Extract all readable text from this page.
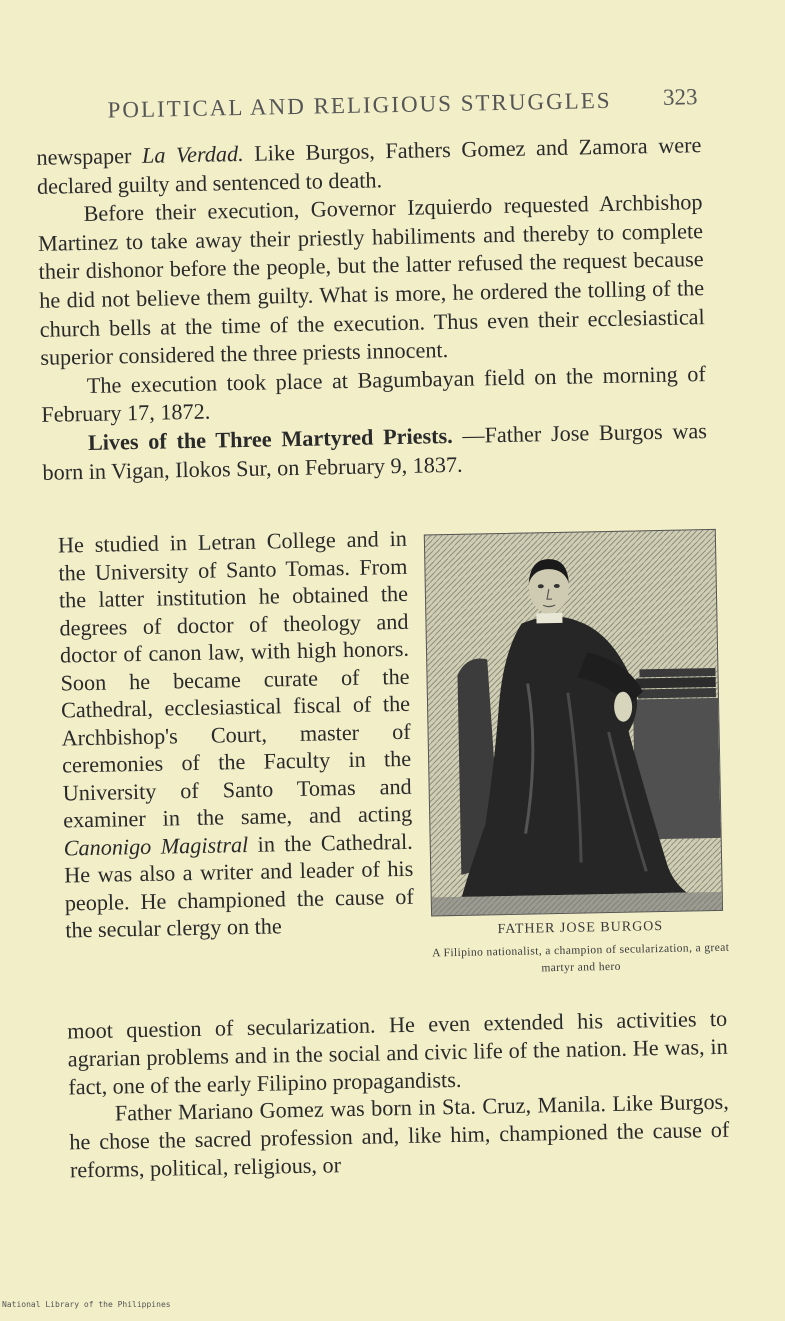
POLITICAL AND RELIGIOUS STRUGGLES 323

newspaper La Verdad. Like Burgos, Fathers Gomez and Zamora were declared guilty and sentenced to death.

Before their execution, Governor Izquierdo requested Archbishop Martinez to take away their priestly habiliments and thereby to complete their dishonor before the people, but the latter refused the request because he did not believe them guilty. What is more, he ordered the tolling of the church bells at the time of the execution. Thus even their ecclesiastical superior considered the three priests innocent.

The execution took place at Bagumbayan field on the morning of February 17, 1872.

Lives of the Three Martyred Priests. —Father Jose Burgos was born in Vigan, Ilokos Sur, on February 9, 1837.

He studied in Letran College and in the University of Santo Tomas. From the latter institution he obtained the degrees of doctor of theology and doctor of canon law, with high honors. Soon he became curate of the Cathedral, ecclesiastical fiscal of the Archbishop's Court, master of ceremonies of the Faculty in the University of Santo Tomas and examiner in the same, and acting Canonigo Magistral in the Cathedral. He was also a writer and leader of his people. He championed the cause of the secular clergy on the	FATHER JOSE BURGOS
A Filipino nationalist, a champion of secularization, a great martyr and hero

moot question of secularization. He even extended his activities to agrarian problems and in the social and civic life of the nation. He was, in fact, one of the early Filipino propagandists.

Father Mariano Gomez was born in Sta. Cruz, Manila. Like Burgos, he chose the sacred profession and, like him, championed the cause of reforms, political, religious, or

National Library of the Philippines
